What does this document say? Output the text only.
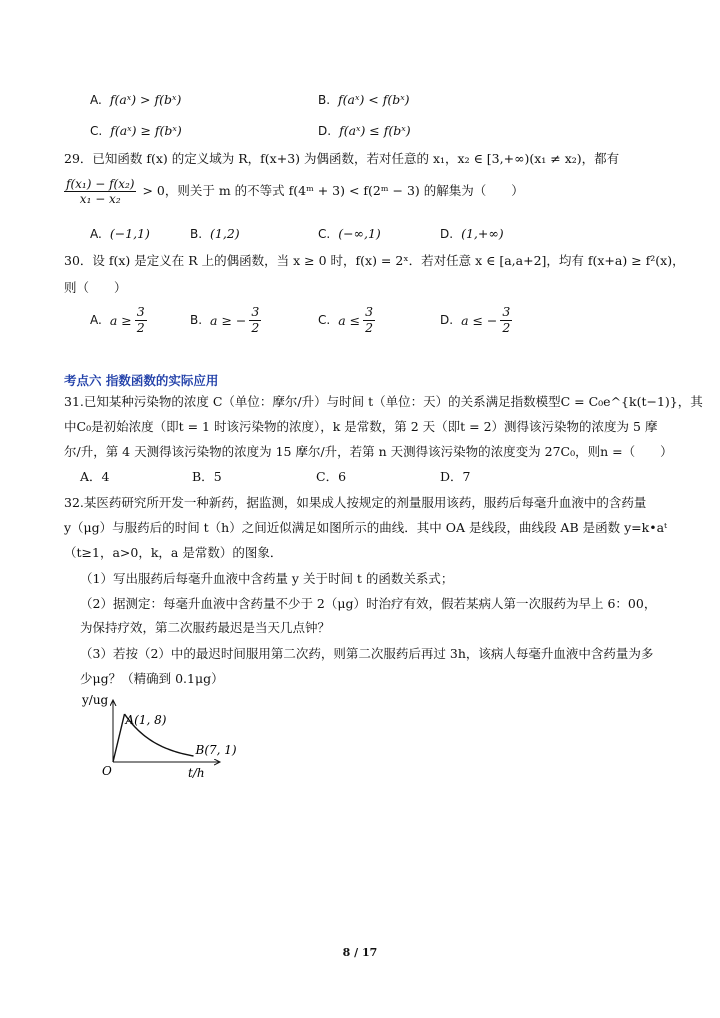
A. f(aˣ) > f(bˣ)	B. f(aˣ) < f(bˣ)
C. f(aˣ) ≥ f(bˣ)	D. f(aˣ) ≤ f(bˣ)
29．已知函数 f(x) 的定义域为 R，f(x+3) 为偶函数，若对任意的 x₁，x₂ ∈ [3,+∞)(x₁ ≠ x₂)，都有
$\frac{\text{f(x₁) − f(x₂)}}{\text{x₁ − x₂}} > 0$，则关于 m 的不等式 f(4ᵐ + 3) < f(2ᵐ − 3) 的解集为（　　）
A. (−1,1)	B. (1,2)	C. (−∞,1)	D. (1,+∞)
30．设 f(x) 是定义在 R 上的偶函数，当 x ≥ 0 时，f(x) = 2ˣ．若对任意 x ∈ [a,a+2]，均有 f(x+a) ≥ f²(x)，
则（　　）
A. $a \ge \frac{3}{2}$	B. a ≥ − $\frac{3}{2}$	C. $a \le \frac{3}{2}$	D. a ≤ − $\frac{3}{2}$
考点六 指数函数的实际应用
31.已知某种污染物的浓度 C（单位：摩尔/升）与时间 t（单位：天）的关系满足指数模型C = C₀e^{k(t−1)}，其
中C₀是初始浓度（即t = 1 时该污染物的浓度），k 是常数，第 2 天（即t = 2）测得该污染物的浓度为 5 摩
尔/升，第 4 天测得该污染物的浓度为 15 摩尔/升，若第 n 天测得该污染物的浓度变为 27C₀，则n =（　　）
A．4	B．5	C．6	D．7
32.某医药研究所开发一种新药，据监测，如果成人按规定的剂量服用该药，服药后每毫升血液中的含药量
y（μg）与服药后的时间 t（h）之间近似满足如图所示的曲线．其中 OA 是线段，曲线段 AB 是函数 y=k•aᵗ
（t≥1，a>0，k，a 是常数）的图象．
（1）写出服药后每毫升血液中含药量 y 关于时间 t 的函数关系式；
（2）据测定：每毫升血液中含药量不少于 2（μg）时治疗有效，假若某病人第一次服药为早上 6：00，
为保持疗效，第二次服药最迟是当天几点钟？
（3）若按（2）中的最迟时间服用第二次药，则第二次服药后再过 3h，该病人每毫升血液中含药量为多
少μg？（精确到 0.1μg）
A(1, 8)
B(7, 1)
y/ug
t/h
O
8 / 17
